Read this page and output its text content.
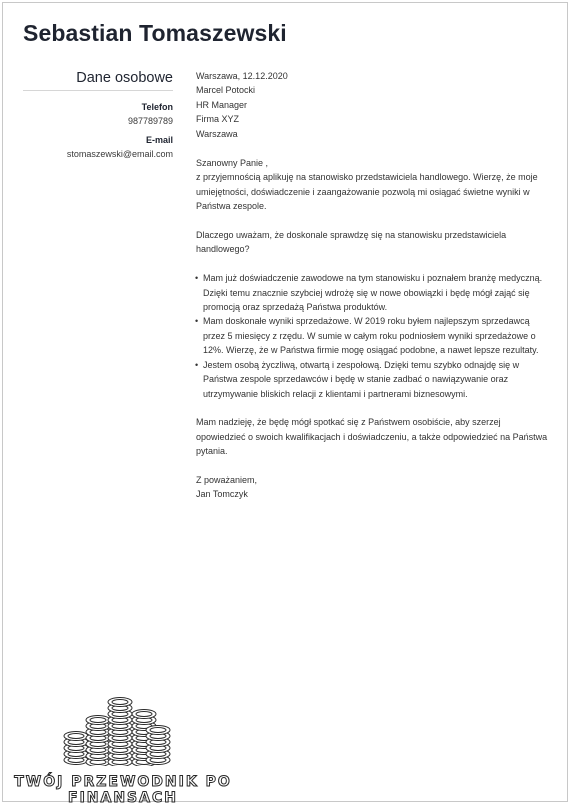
Sebastian Tomaszewski
Dane osobowe
Telefon
987789789
E-mail
stomaszewski@email.com

Warszawa, 12.12.2020

Marcel Potocki

HR Manager

Firma XYZ

Warszawa

Szanowny Panie ,

z przyjemnością aplikuję na stanowisko przedstawiciela handlowego. Wierzę, że moje umiejętności, doświadczenie i zaangażowanie pozwolą mi osiągać świetne wyniki w Państwa zespole.

Dlaczego uważam, że doskonale sprawdzę się na stanowisku przedstawiciela handlowego?

• Mam już doświadczenie zawodowe na tym stanowisku i poznałem branżę medyczną. Dzięki temu znacznie szybciej wdrożę się w nowe obowiązki i będę mógł zająć się promocją oraz sprzedażą Państwa produktów.
• Mam doskonałe wyniki sprzedażowe. W 2019 roku byłem najlepszym sprzedawcą przez 5 miesięcy z rzędu. W sumie w całym roku podniosłem wyniki sprzedażowe o 12%. Wierzę, że w Państwa firmie mogę osiągać podobne, a nawet lepsze rezultaty.
• Jestem osobą życzliwą, otwartą i zespołową. Dzięki temu szybko odnajdę się w Państwa zespole sprzedawców i będę w stanie zadbać o nawiązywanie oraz utrzymywanie bliskich relacji z klientami i partnerami biznesowymi.

Mam nadzieję, że będę mógł spotkać się z Państwem osobiście, aby szerzej opowiedzieć o swoich kwalifikacjach i doświadczeniu, a także odpowiedzieć na Państwa pytania.

Z poważaniem,

Jan Tomczyk

TWÓJ PRZEWODNIK PO
FINANSACH
